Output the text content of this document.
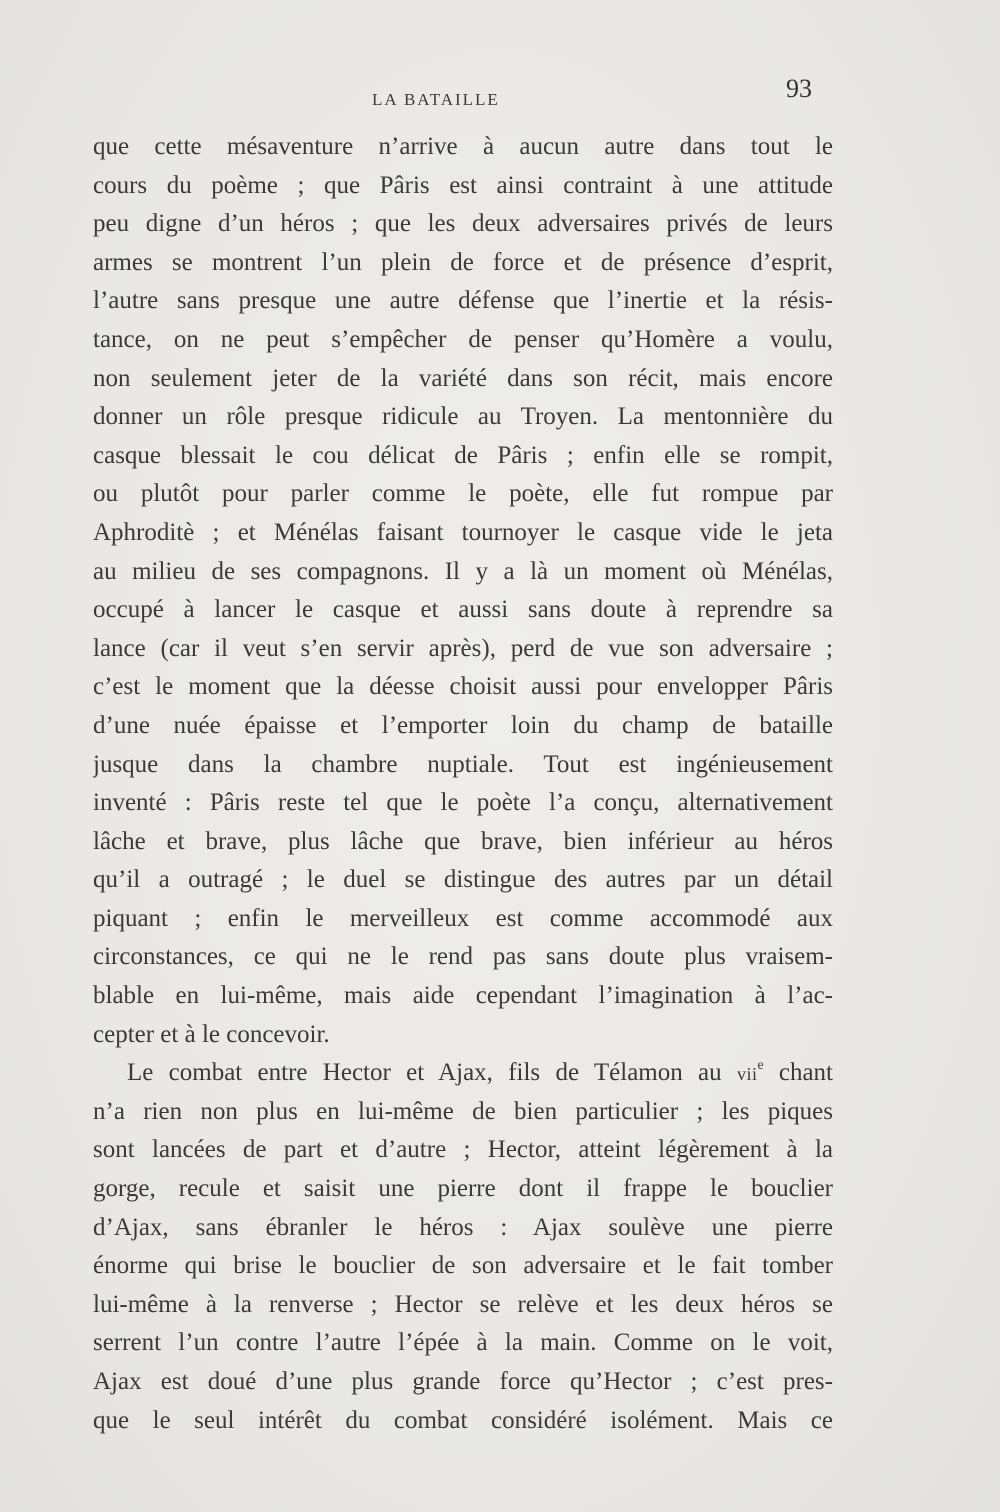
LA BATAILLE	93
que cette mésaventure n’arrive à aucun autre dans tout le
cours du poème ; que Pâris est ainsi contraint à une attitude
peu digne d’un héros ; que les deux adversaires privés de leurs
armes se montrent l’un plein de force et de présence d’esprit,
l’autre sans presque une autre défense que l’inertie et la résis-
tance, on ne peut s’empêcher de penser qu’Homère a voulu,
non seulement jeter de la variété dans son récit, mais encore
donner un rôle presque ridicule au Troyen. La mentonnière du
casque blessait le cou délicat de Pâris ; enfin elle se rompit,
ou plutôt pour parler comme le poète, elle fut rompue par
Aphroditè ; et Ménélas faisant tournoyer le casque vide le jeta
au milieu de ses compagnons. Il y a là un moment où Ménélas,
occupé à lancer le casque et aussi sans doute à reprendre sa
lance (car il veut s’en servir après), perd de vue son adversaire ;
c’est le moment que la déesse choisit aussi pour envelopper Pâris
d’une nuée épaisse et l’emporter loin du champ de bataille
jusque dans la chambre nuptiale. Tout est ingénieusement
inventé : Pâris reste tel que le poète l’a conçu, alternativement
lâche et brave, plus lâche que brave, bien inférieur au héros
qu’il a outragé ; le duel se distingue des autres par un détail
piquant ; enfin le merveilleux est comme accommodé aux
circonstances, ce qui ne le rend pas sans doute plus vraisem-
blable en lui-même, mais aide cependant l’imagination à l’ac-
cepter et à le concevoir.
Le combat entre Hector et Ajax, fils de Télamon au vii$^e$ chant
n’a rien non plus en lui-même de bien particulier ; les piques
sont lancées de part et d’autre ; Hector, atteint légèrement à la
gorge, recule et saisit une pierre dont il frappe le bouclier
d’Ajax, sans ébranler le héros : Ajax soulève une pierre
énorme qui brise le bouclier de son adversaire et le fait tomber
lui-même à la renverse ; Hector se relève et les deux héros se
serrent l’un contre l’autre l’épée à la main. Comme on le voit,
Ajax est doué d’une plus grande force qu’Hector ; c’est pres-
que le seul intérêt du combat considéré isolément. Mais ce
